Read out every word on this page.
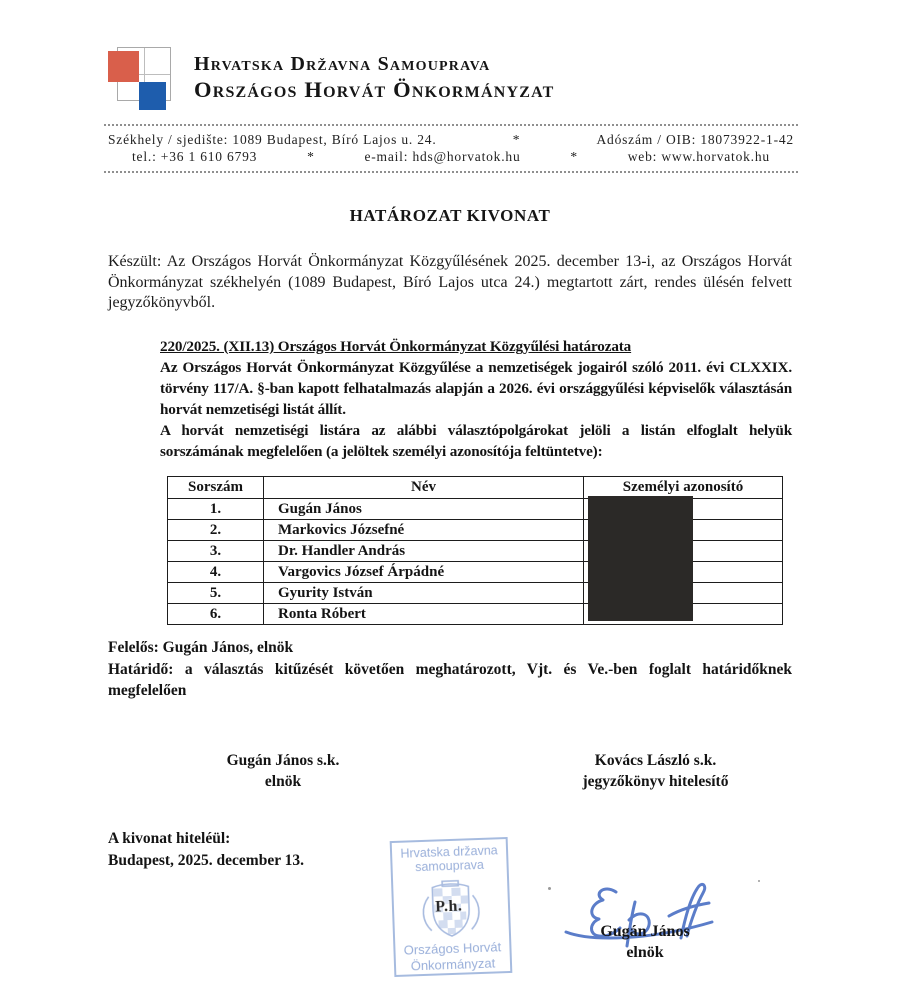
Hrvatska Državna Samouprava
Országos Horvát Önkormányzat
Székhely / sjedište: 1089 Budapest, Bíró Lajos u. 24.	*	Adószám / OIB: 18073922-1-42
tel.: +36 1 610 6793	*	e-mail: hds@horvatok.hu	*	web: www.horvatok.hu
HATÁROZAT KIVONAT
Készült: Az Országos Horvát Önkormányzat Közgyűlésének 2025. december 13-i, az Országos Horvát Önkormányzat székhelyén (1089 Budapest, Bíró Lajos utca 24.) megtartott zárt, rendes ülésén felvett jegyzőkönyvből.
220/2025. (XII.13) Országos Horvát Önkormányzat Közgyűlési határozata
Az Országos Horvát Önkormányzat Közgyűlése a nemzetiségek jogairól szóló 2011. évi CLXXIX. törvény 117/A. §-ban kapott felhatalmazás alapján a 2026. évi országgyűlési képviselők választásán horvát nemzetiségi listát állít.
A horvát nemzetiségi listára az alábbi választópolgárokat jelöli a listán elfoglalt helyük sorszámának megfelelően (a jelöltek személyi azonosítója feltüntetve):
Sorszám	Név	Személyi azonosító
1.	Gugán János	
2.	Markovics Józsefné	
3.	Dr. Handler András	
4.	Vargovics József Árpádné	
5.	Gyurity István	
6.	Ronta Róbert	
Felelős: Gugán János, elnök
Határidő: a választás kitűzését követően meghatározott, Vjt. és Ve.-ben foglalt határidőknek megfelelően
Gugán János s.k.
elnök
Kovács László s.k.
jegyzőkönyv hitelesítő
A kivonat hiteléül:
Budapest, 2025. december 13.	Hrvatska državna
samouprava
P.h.
Országos Horvát
Önkormányzat
Gugán János
elnök
